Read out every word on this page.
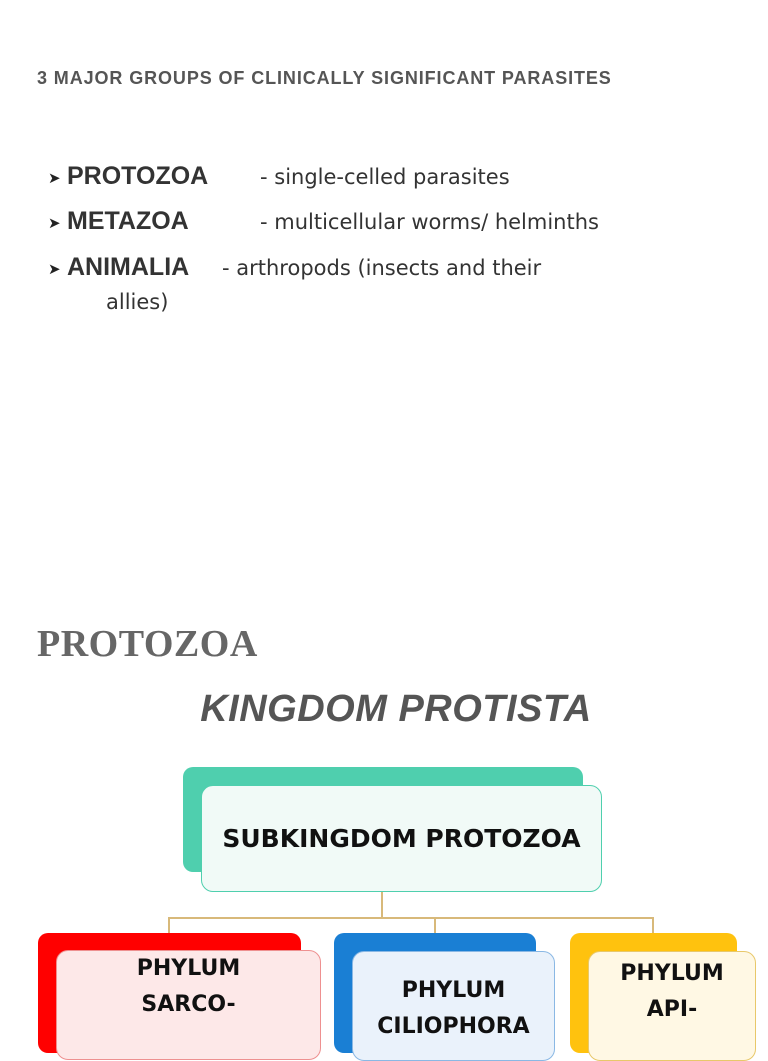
3 MAJOR GROUPS OF CLINICALLY SIGNIFICANT PARASITES
➤ PROTOZOA - single-celled parasites
➤ METAZOA	- multicellular worms/ helminths
➤ ANIMALIA - arthropods (insects and their
allies)
PROTOZOA
KINGDOM PROTISTA
SUBKINGDOM PROTOZOA
PHYLUM
SARCO-
PHYLUM
CILIOPHORA
PHYLUM
API-
